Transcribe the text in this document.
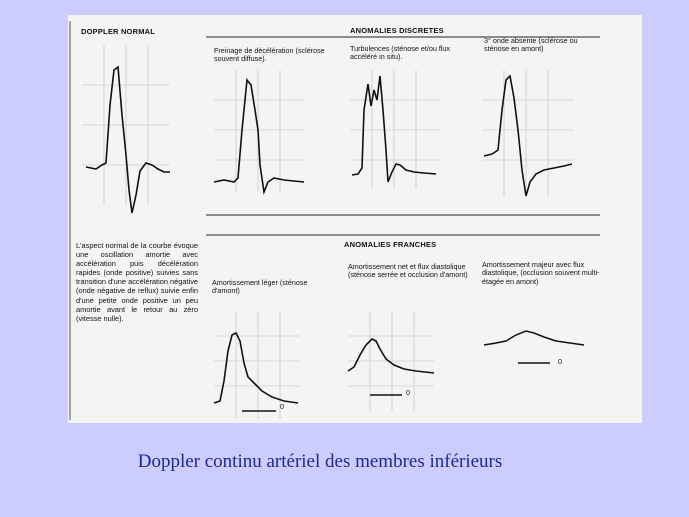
DOPPLER NORMAL	ANOMALIES DISCRETES
ANOMALIES FRANCHES
Freinage de décélération (sclérose souvent diffuse).
Turbulences (sténose et/ou flux accéléré in situ).
3° onde absente (sclérose ou sténose en amont)
Amortissement léger (sténose d'amont)
Amortissement net et flux diastolique (sténose serrée et occlusion d'amont)
Amortissement majeur avec flux diastolique, (occlusion souvent multi-étagée en amont)
L'aspect normal de la courbe évoque une oscillation amortie avec accélération puis décélération rapides (onde positive) suivies sans transition d'une accélération négative (onde négative de reflux) suivie enfin d'une petite onde positive un peu amortie avant le retour au zéro (vitesse nulle).
0
0
0
Doppler continu artériel des membres inférieurs
